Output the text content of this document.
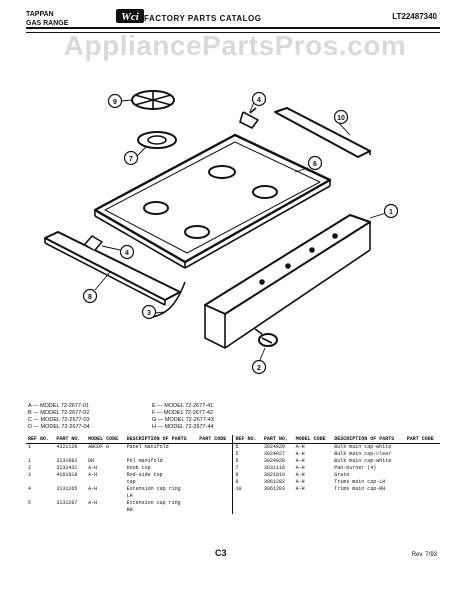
TAPPAN
GAS RANGE
Wci FACTORY PARTS CATALOG	LT22487340
AppliancePartsPros.com
9
7
4
10
6
1
4
8
3
2
A — MODEL 72-2677-01
B — MODEL 72-2677-02
C — MODEL 72-2677-03
D — MODEL 72-2677-04
E — MODEL 72-2677-41
F — MODEL 72-2677-42
G — MODEL 72-2677-43
H — MODEL 72-2677-44
REF NO.	PART NO.	MODEL CODE	DESCRIPTION OF PARTS	PART CODE	REF NO.	PART NO.	MODEL CODE	DESCRIPTION OF PARTS	PART CODE
1	4321120	ABCDF G	Panel manifold		5	3024020	A-H	Bulk main cap-white	
					5	3024027	A-H	Bulk main cap-clear	
1	3131082	DH	Pnl manifold		6	3024028	A-H	Bulk main cap-white	
2	3131431	A-H	Knob top		7	3031118	A-H	Pan-burner (4)	
3	4161618	A-H	Rod-side top		8	3021010	A-H	Grate	
			cap		9	3061282	A-H	Trims main cap-LH	
4	3131265	A-H	Extension cap ring		10	3061283	A-H	Trims main cap-RH	
			LH						
5	3131267	A-H	Extension cap ring						
			RH						
C3	Rev. 7/93
